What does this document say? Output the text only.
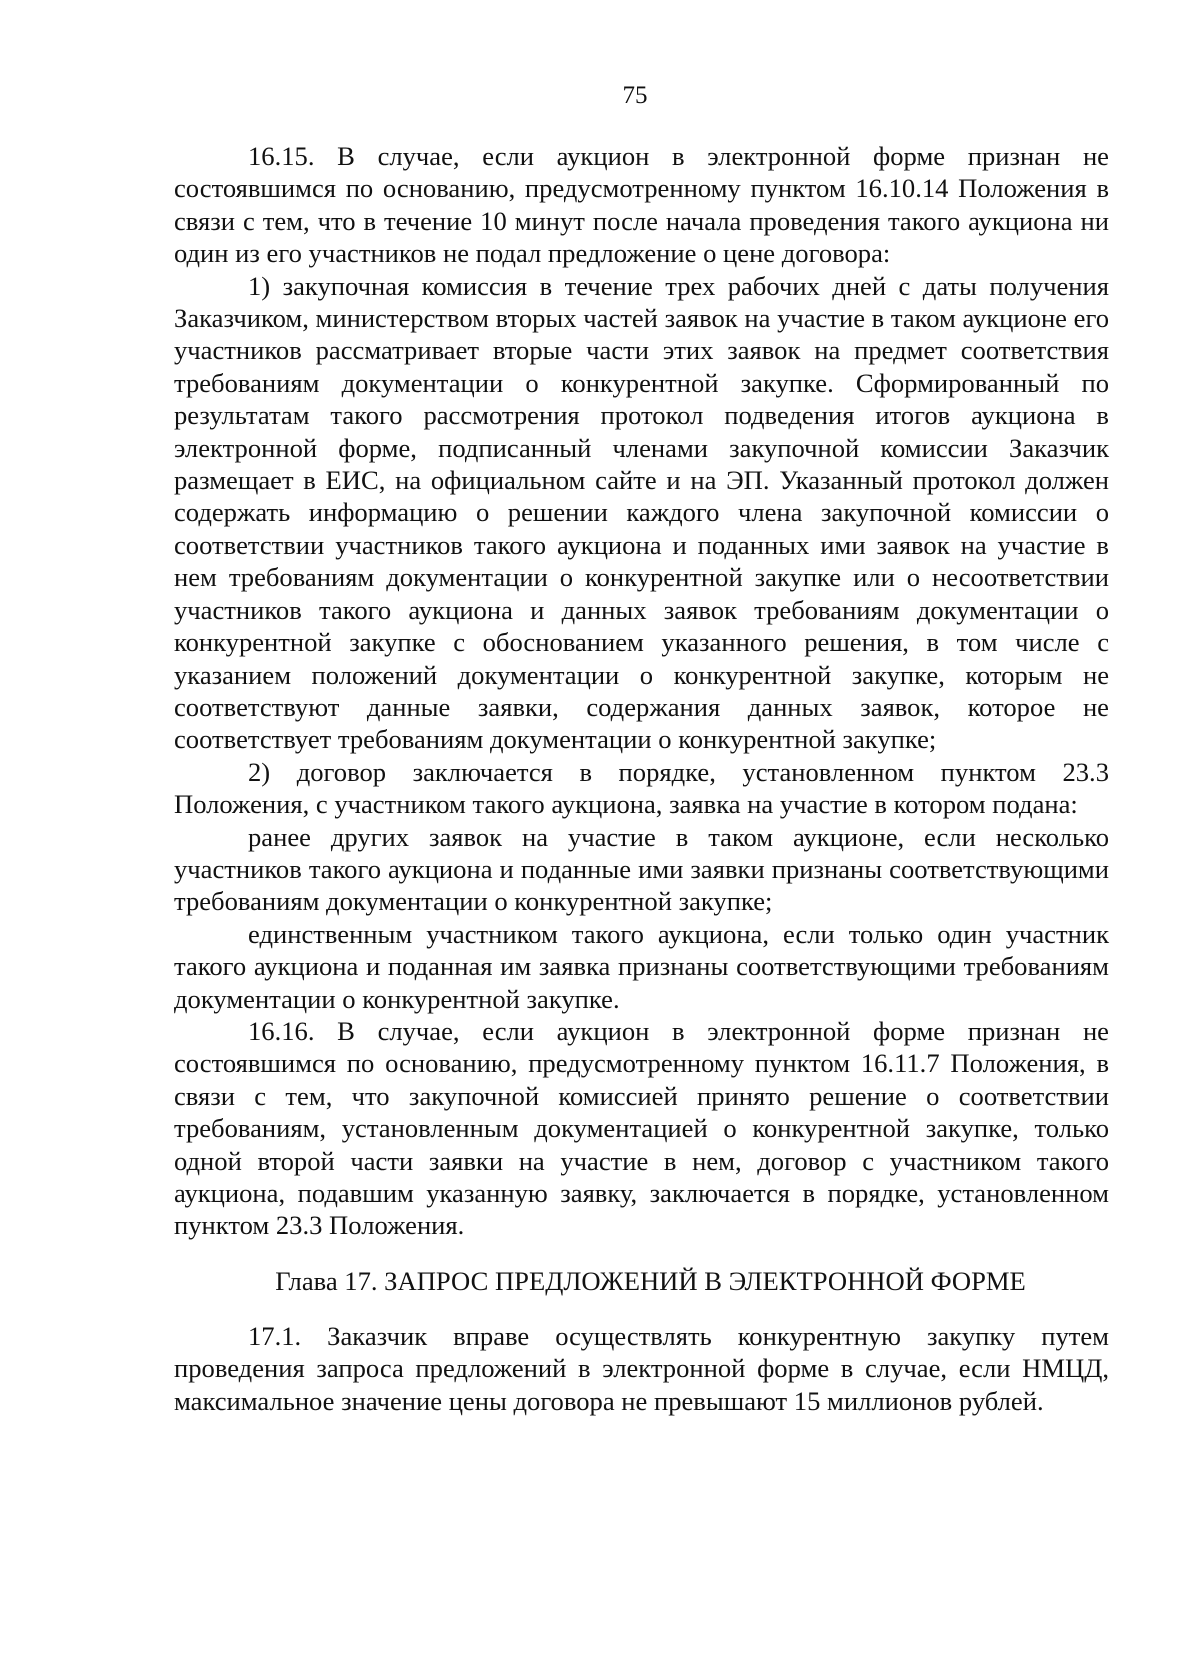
75

16.15. В случае, если аукцион в электронной форме признан не состоявшимся по основанию, предусмотренному пунктом 16.10.14 Положения в связи с тем, что в течение 10 минут после начала проведения такого аукциона ни один из его участников не подал предложение о цене договора:

1) закупочная комиссия в течение трех рабочих дней с даты получения Заказчиком, министерством вторых частей заявок на участие в таком аукционе его участников рассматривает вторые части этих заявок на предмет соответствия требованиям документации о конкурентной закупке. Сформированный по результатам такого рассмотрения протокол подведения итогов аукциона в электронной форме, подписанный членами закупочной комиссии Заказчик размещает в ЕИС, на официальном сайте и на ЭП. Указанный протокол должен содержать информацию о решении каждого члена закупочной комиссии о соответствии участников такого аукциона и поданных ими заявок на участие в нем требованиям документации о конкурентной закупке или о несоответствии участников такого аукциона и данных заявок требованиям документации о конкурентной закупке с обоснованием указанного решения, в том числе с указанием положений документации о конкурентной закупке, которым не соответствуют данные заявки, содержания данных заявок, которое не соответствует требованиям документации о конкурентной закупке;

2) договор заключается в порядке, установленном пунктом 23.3 Положения, с участником такого аукциона, заявка на участие в котором подана:

ранее других заявок на участие в таком аукционе, если несколько участников такого аукциона и поданные ими заявки признаны соответствующими требованиям документации о конкурентной закупке;

единственным участником такого аукциона, если только один участник такого аукциона и поданная им заявка признаны соответствующими требованиям документации о конкурентной закупке.

16.16. В случае, если аукцион в электронной форме признан не состоявшимся по основанию, предусмотренному пунктом 16.11.7 Положения, в связи с тем, что закупочной комиссией принято решение о соответствии требованиям, установленным документацией о конкурентной закупке, только одной второй части заявки на участие в нем, договор с участником такого аукциона, подавшим указанную заявку, заключается в порядке, установленном пунктом 23.3 Положения.

Глава 17. ЗАПРОС ПРЕДЛОЖЕНИЙ В ЭЛЕКТРОННОЙ ФОРМЕ

17.1. Заказчик вправе осуществлять конкурентную закупку путем проведения запроса предложений в электронной форме в случае, если НМЦД, максимальное значение цены договора не превышают 15 миллионов рублей.
